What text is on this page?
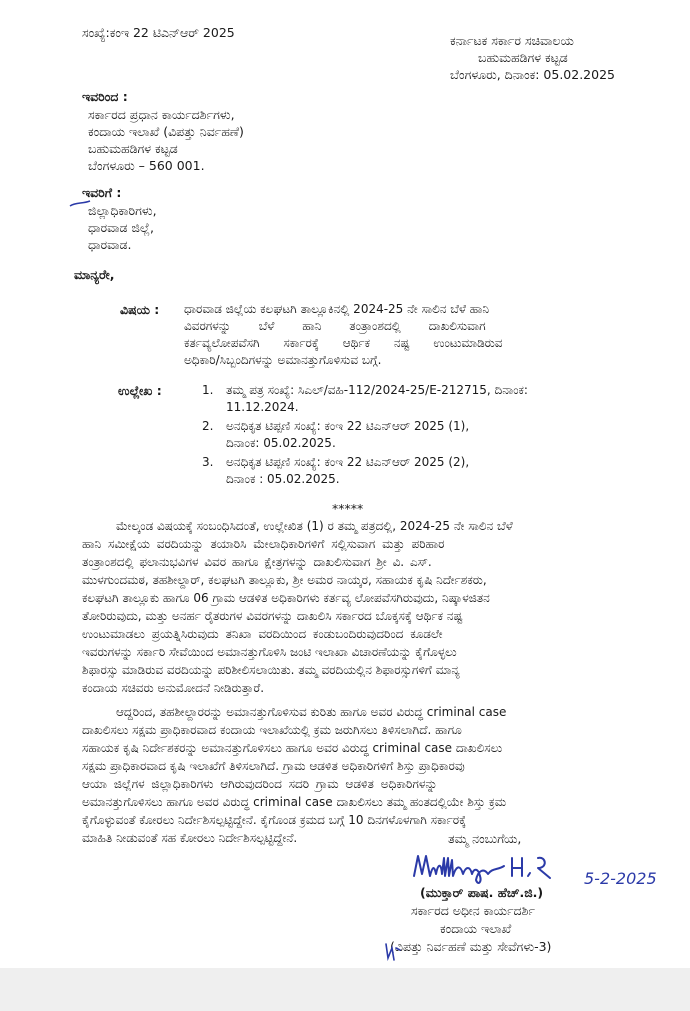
ಸಂಖ್ಯೆ:ಕಂಇ 22 ಟಿಎನ್‌ಆರ್ 2025
ಕರ್ನಾಟಕ ಸರ್ಕಾರ ಸಚಿವಾಲಯ
ಬಹುಮಹಡಿಗಳ ಕಟ್ಟಡ
ಬೆಂಗಳೂರು, ದಿನಾಂಕ: 05.02.2025
ಇವರಿಂದ :
ಸರ್ಕಾರದ ಪ್ರಧಾನ ಕಾರ್ಯದರ್ಶಿಗಳು,
ಕಂದಾಯ ಇಲಾಖೆ (ವಿಪತ್ತು ನಿರ್ವಹಣೆ)
ಬಹುಮಹಡಿಗಳ ಕಟ್ಟಡ
ಬೆಂಗಳೂರು – 560 001.
ಇವರಿಗೆ :
ಜಿಲ್ಲಾಧಿಕಾರಿಗಳು,
ಧಾರವಾಡ ಜಿಲ್ಲೆ,
ಧಾರವಾಡ.
ಮಾನ್ಯರೇ,
ವಿಷಯ : ಧಾರವಾಡ ಜಿಲ್ಲೆಯ ಕಲಘಟಗಿ ತಾಲ್ಲೂಕಿನಲ್ಲಿ 2024-25 ನೇ ಸಾಲಿನ ಬೆಳೆ ಹಾನಿ
ವಿವರಗಳನ್ನು ಬೆಳೆ ಹಾನಿ ತಂತ್ರಾಂಶದಲ್ಲಿ ದಾಖಲಿಸುವಾಗ
ಕರ್ತವ್ಯಲೋಪವೆಸಗಿ ಸರ್ಕಾರಕ್ಕೆ ಆರ್ಥಿಕ ನಷ್ಟ ಉಂಟುಮಾಡಿರುವ
ಅಧಿಕಾರಿ/ಸಿಬ್ಬಂದಿಗಳನ್ನು ಅಮಾನತ್ತುಗೊಳಿಸುವ ಬಗ್ಗೆ.
ಉಲ್ಲೇಖ :	1.	ತಮ್ಮ ಪತ್ರ ಸಂಖ್ಯೆ: ಸಿಎಲ್/ವಹಿ-112/2024-25/E-212715, ದಿನಾಂಕ:
11.12.2024.
2.	ಅನಧಿಕೃತ ಟಿಪ್ಪಣಿ ಸಂಖ್ಯೆ: ಕಂಇ 22 ಟಿಎನ್‌ಆರ್ 2025 (1),
ದಿನಾಂಕ: 05.02.2025.
3.	ಅನಧಿಕೃತ ಟಿಪ್ಪಣಿ ಸಂಖ್ಯೆ: ಕಂಇ 22 ಟಿಎನ್‌ಆರ್ 2025 (2),
ದಿನಾಂಕ : 05.02.2025.
*****
ಮೇಲ್ಕಂಡ ವಿಷಯಕ್ಕೆ ಸಂಬಂಧಿಸಿದಂತೆ, ಉಲ್ಲೇಖಿತ (1) ರ ತಮ್ಮ ಪತ್ರದಲ್ಲಿ, 2024-25 ನೇ ಸಾಲಿನ ಬೆಳೆ
ಹಾನಿ ಸಮೀಕ್ಷೆಯ ವರದಿಯನ್ನು ತಯಾರಿಸಿ ಮೇಲಾಧಿಕಾರಿಗಳಿಗೆ ಸಲ್ಲಿಸುವಾಗ ಮತ್ತು ಪರಿಹಾರ
ತಂತ್ರಾಂಶದಲ್ಲಿ ಫಲಾನುಭವಿಗಳ ವಿವರ ಹಾಗೂ ಕ್ಷೇತ್ರಗಳನ್ನು ದಾಖಲಿಸುವಾಗ ಶ್ರೀ ವಿ. ಎಸ್.
ಮುಳಗುಂದಮಠ, ತಹಶೀಲ್ದಾರ್, ಕಲಘಟಗಿ ತಾಲ್ಲೂಕು, ಶ್ರೀ ಅಮರ ನಾಯ್ಕರ, ಸಹಾಯಕ ಕೃಷಿ ನಿರ್ದೇಶಕರು,
ಕಲಘಟಗಿ ತಾಲ್ಲೂಕು ಹಾಗೂ 06 ಗ್ರಾಮ ಆಡಳಿತ ಅಧಿಕಾರಿಗಳು ಕರ್ತವ್ಯ ಲೋಪವೆಸಗಿರುವುದು, ನಿಷ್ಕಾಳಜಿತನ
ತೋರಿರುವುದು, ಮತ್ತು ಅನರ್ಹ ರೈತರುಗಳ ವಿವರಗಳನ್ನು ದಾಖಲಿಸಿ ಸರ್ಕಾರದ ಬೊಕ್ಕಸಕ್ಕೆ ಆರ್ಥಿಕ ನಷ್ಟ
ಉಂಟುಮಾಡಲು ಪ್ರಯತ್ನಿಸಿರುವುದು ತನಿಖಾ ವರದಿಯಿಂದ ಕಂಡುಬಂದಿರುವುದರಿಂದ ಕೂಡಲೇ
ಇವರುಗಳನ್ನು ಸರ್ಕಾರಿ ಸೇವೆಯಿಂದ ಅಮಾನತ್ತುಗೊಳಿಸಿ ಜಂಟಿ ಇಲಾಖಾ ವಿಚಾರಣೆಯನ್ನು ಕೈಗೊಳ್ಳಲು
ಶಿಫಾರಸ್ಸು ಮಾಡಿರುವ ವರದಿಯನ್ನು ಪರಿಶೀಲಿಸಲಾಯಿತು. ತಮ್ಮ ವರದಿಯಲ್ಲಿನ ಶಿಫಾರಸ್ಸುಗಳಿಗೆ ಮಾನ್ಯ
ಕಂದಾಯ ಸಚಿವರು ಅನುಮೋದನೆ ನೀಡಿರುತ್ತಾರೆ.
ಆದ್ದರಿಂದ, ತಹಶೀಲ್ದಾರರನ್ನು ಅಮಾನತ್ತುಗೊಳಿಸುವ ಕುರಿತು ಹಾಗೂ ಅವರ ವಿರುದ್ಧ criminal case
ದಾಖಲಿಸಲು ಸಕ್ಷಮ ಪ್ರಾಧಿಕಾರವಾದ ಕಂದಾಯ ಇಲಾಖೆಯಲ್ಲಿ ಕ್ರಮ ಜರುಗಿಸಲು ತಿಳಿಸಲಾಗಿದೆ. ಹಾಗೂ
ಸಹಾಯಕ ಕೃಷಿ ನಿರ್ದೇಶಕರನ್ನು ಅಮಾನತ್ತುಗೊಳಿಸಲು ಹಾಗೂ ಅವರ ವಿರುದ್ಧ criminal case ದಾಖಲಿಸಲು
ಸಕ್ಷಮ ಪ್ರಾಧಿಕಾರವಾದ ಕೃಷಿ ಇಲಾಖೆಗೆ ತಿಳಿಸಲಾಗಿದೆ. ಗ್ರಾಮ ಆಡಳಿತ ಅಧಿಕಾರಿಗಳಿಗೆ ಶಿಸ್ತು ಪ್ರಾಧಿಕಾರವು
ಆಯಾ ಜಿಲ್ಲೆಗಳ ಜಿಲ್ಲಾಧಿಕಾರಿಗಳು ಆಗಿರುವುದರಿಂದ ಸದರಿ ಗ್ರಾಮ ಆಡಳಿತ ಅಧಿಕಾರಿಗಳನ್ನು
ಅಮಾನತ್ತುಗೊಳಿಸಲು ಹಾಗೂ ಅವರ ವಿರುದ್ಧ criminal case ದಾಖಲಿಸಲು ತಮ್ಮ ಹಂತದಲ್ಲಿಯೇ ಶಿಸ್ತು ಕ್ರಮ
ಕೈಗೊಳ್ಳುವಂತೆ ಕೋರಲು ನಿರ್ದೇಶಿಸಲ್ಪಟ್ಟಿದ್ದೇನೆ. ಕೈಗೊಂಡ ಕ್ರಮದ ಬಗ್ಗೆ 10 ದಿನಗಳೊಳಗಾಗಿ ಸರ್ಕಾರಕ್ಕೆ
ಮಾಹಿತಿ ನೀಡುವಂತೆ ಸಹ ಕೋರಲು ನಿರ್ದೇಶಿಸಲ್ಪಟ್ಟಿದ್ದೇನೆ.	ತಮ್ಮ ನಂಬುಗೆಯ,
5-2-2025
(ಮುಕ್ತಾರ್ ಪಾಷ. ಹೆಚ್.ಜಿ.)
ಸರ್ಕಾರದ ಅಧೀನ ಕಾರ್ಯದರ್ಶಿ
ಕಂದಾಯ ಇಲಾಖೆ
(ವಿಪತ್ತು ನಿರ್ವಹಣೆ ಮತ್ತು ಸೇವೆಗಳು-3)
